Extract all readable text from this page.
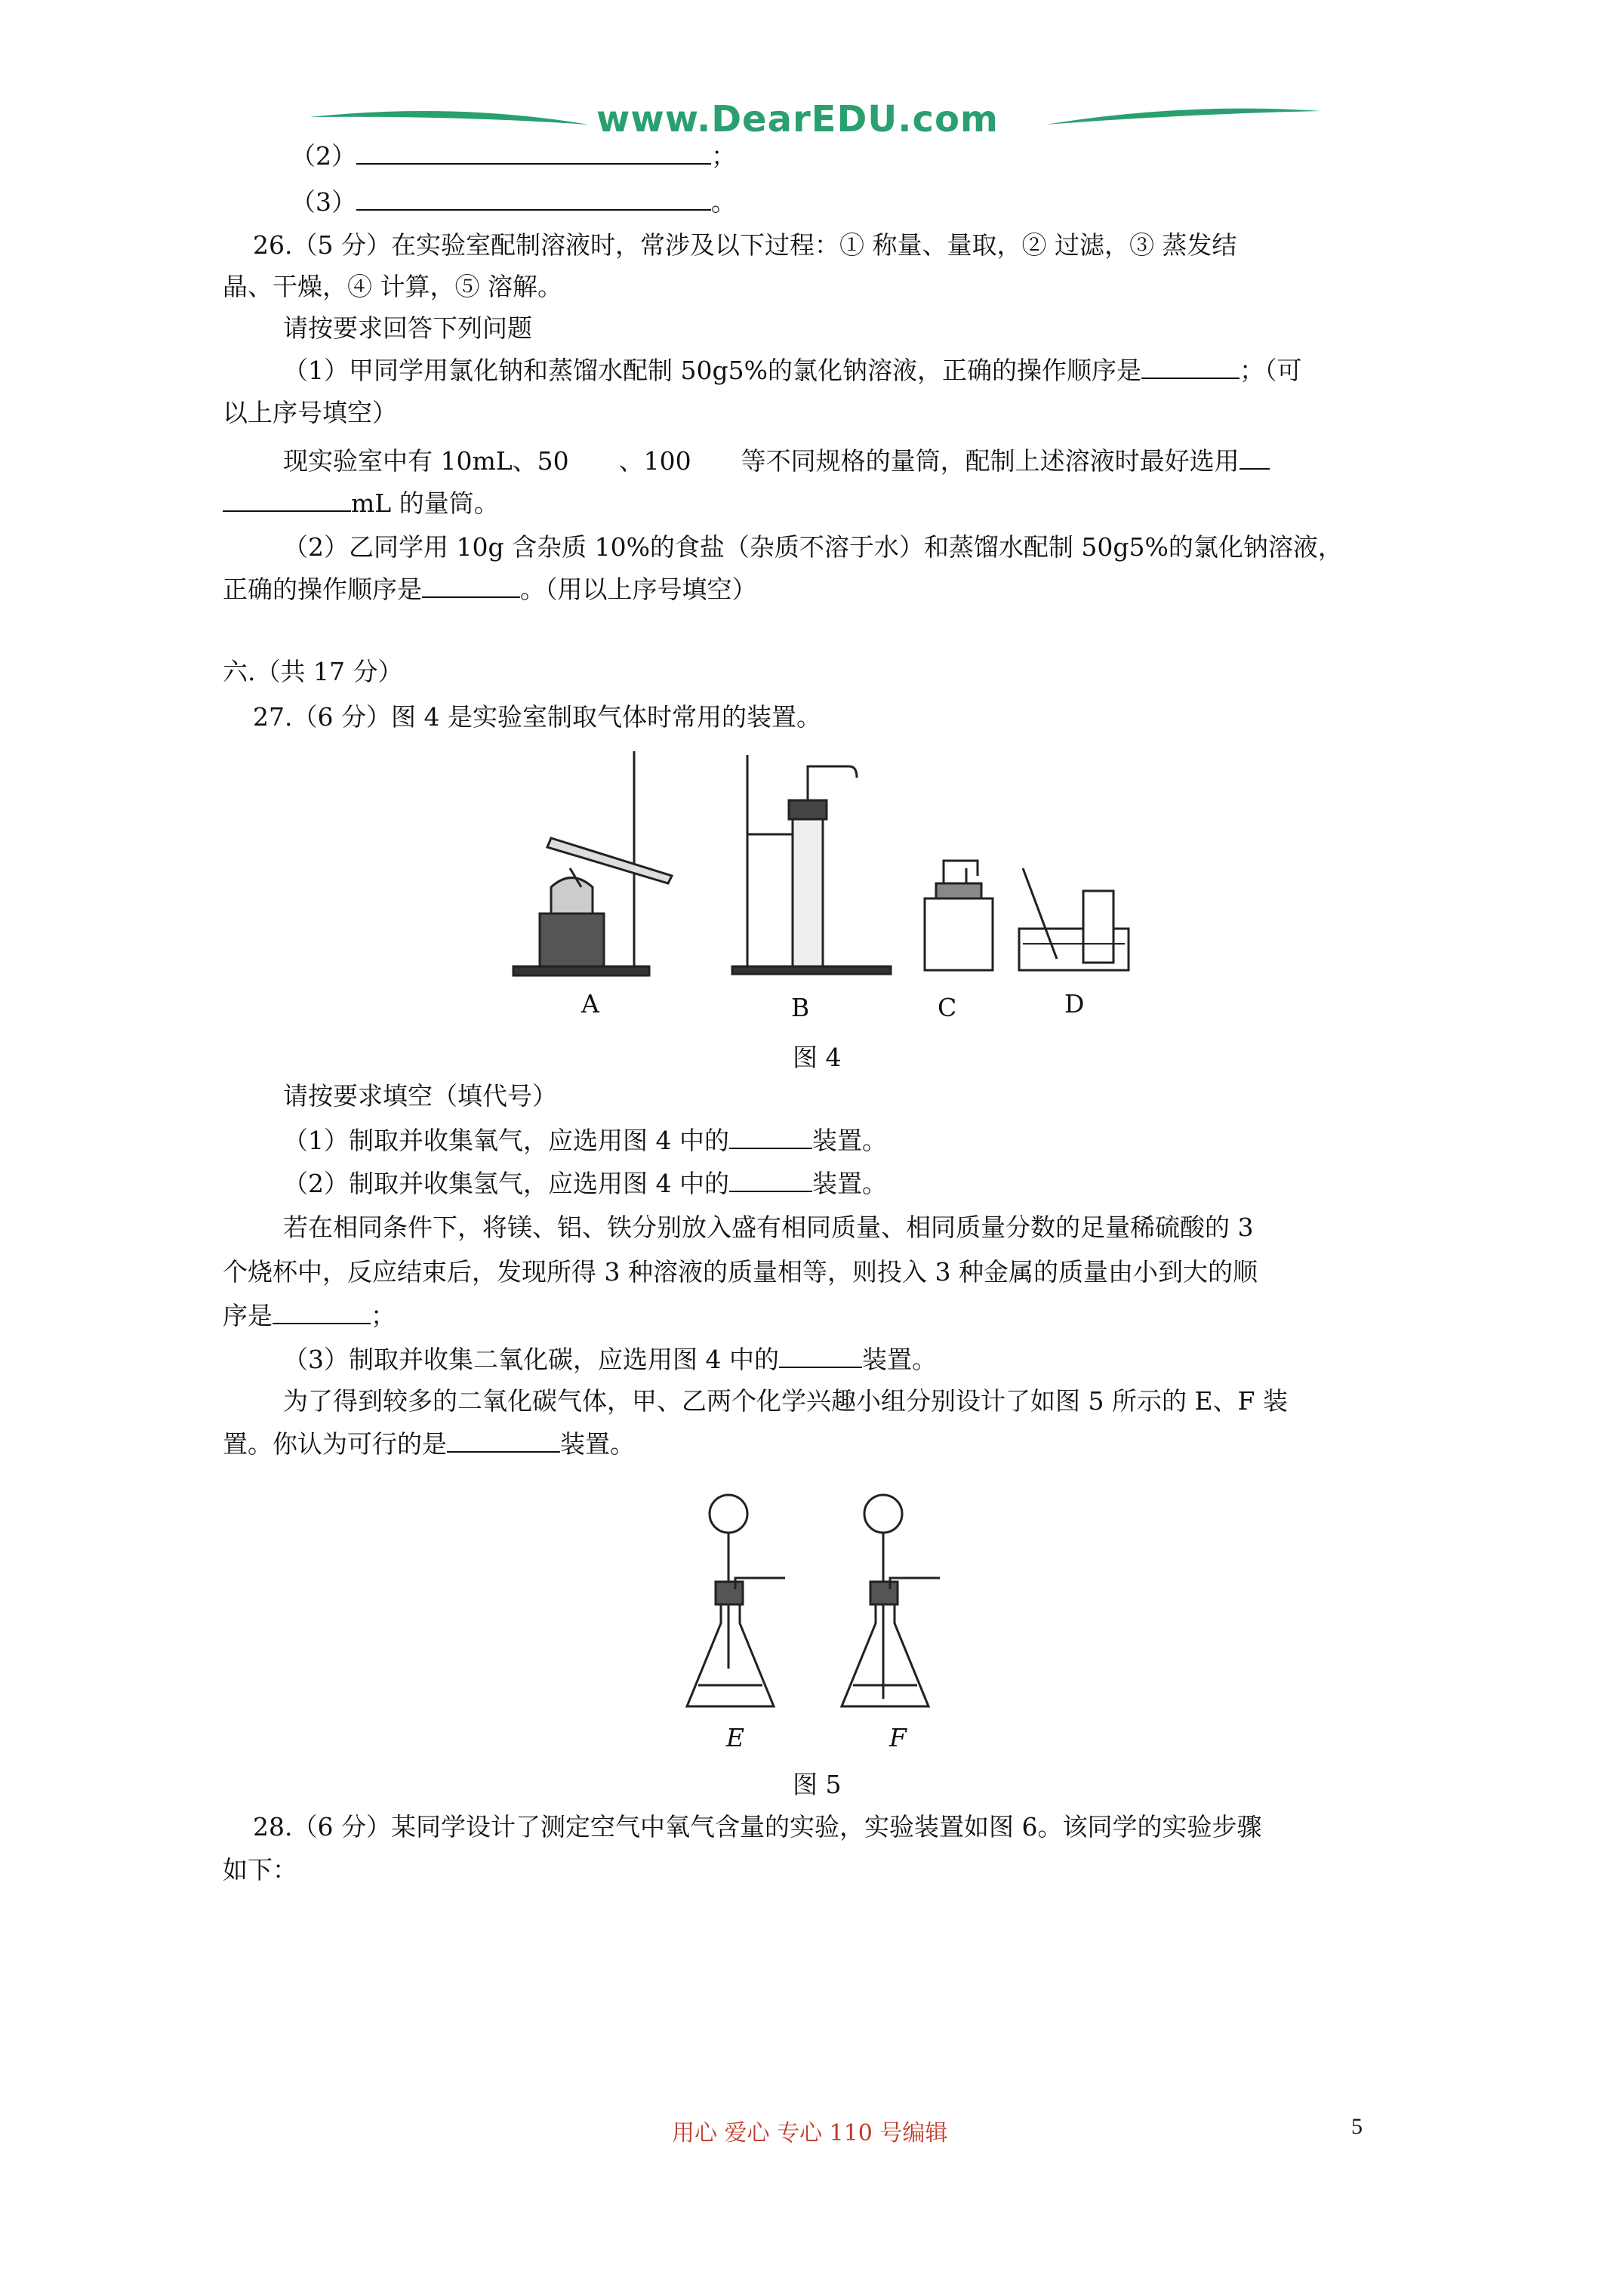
www.DearEDU.com

（2）	；

（3）	。

26.（5 分）在实验室配制溶液时，常涉及以下过程：① 称量、量取，② 过滤，③ 蒸发结

晶、干燥，④ 计算，⑤ 溶解。

请按要求回答下列问题

（1）甲同学用氯化钠和蒸馏水配制 50g5%的氯化钠溶液，正确的操作顺序是	；（可

以上序号填空）

现实验室中有 10mL、50　　、100　　等不同规格的量筒，配制上述溶液时最好选用

mL 的量筒。

（2）乙同学用 10g 含杂质 10%的食盐（杂质不溶于水）和蒸馏水配制 50g5%的氯化钠溶液，

正确的操作顺序是	。（用以上序号填空）

六.（共 17 分）

27.（6 分）图 4 是实验室制取气体时常用的装置。

A	B	C	D
图 4

请按要求填空（填代号）

（1）制取并收集氧气，应选用图 4 中的	装置。

（2）制取并收集氢气，应选用图 4 中的	装置。

若在相同条件下，将镁、铝、铁分别放入盛有相同质量、相同质量分数的足量稀硫酸的 3

个烧杯中，反应结束后，发现所得 3 种溶液的质量相等，则投入 3 种金属的质量由小到大的顺

序是	；

（3）制取并收集二氧化碳，应选用图 4 中的	装置。

为了得到较多的二氧化碳气体，甲、乙两个化学兴趣小组分别设计了如图 5 所示的 E、F 装

置。你认为可行的是	装置。

E	F
图 5

28.（6 分）某同学设计了测定空气中氧气含量的实验，实验装置如图 6。该同学的实验步骤

如下：

用心 爱心 专心 110 号编辑	5
